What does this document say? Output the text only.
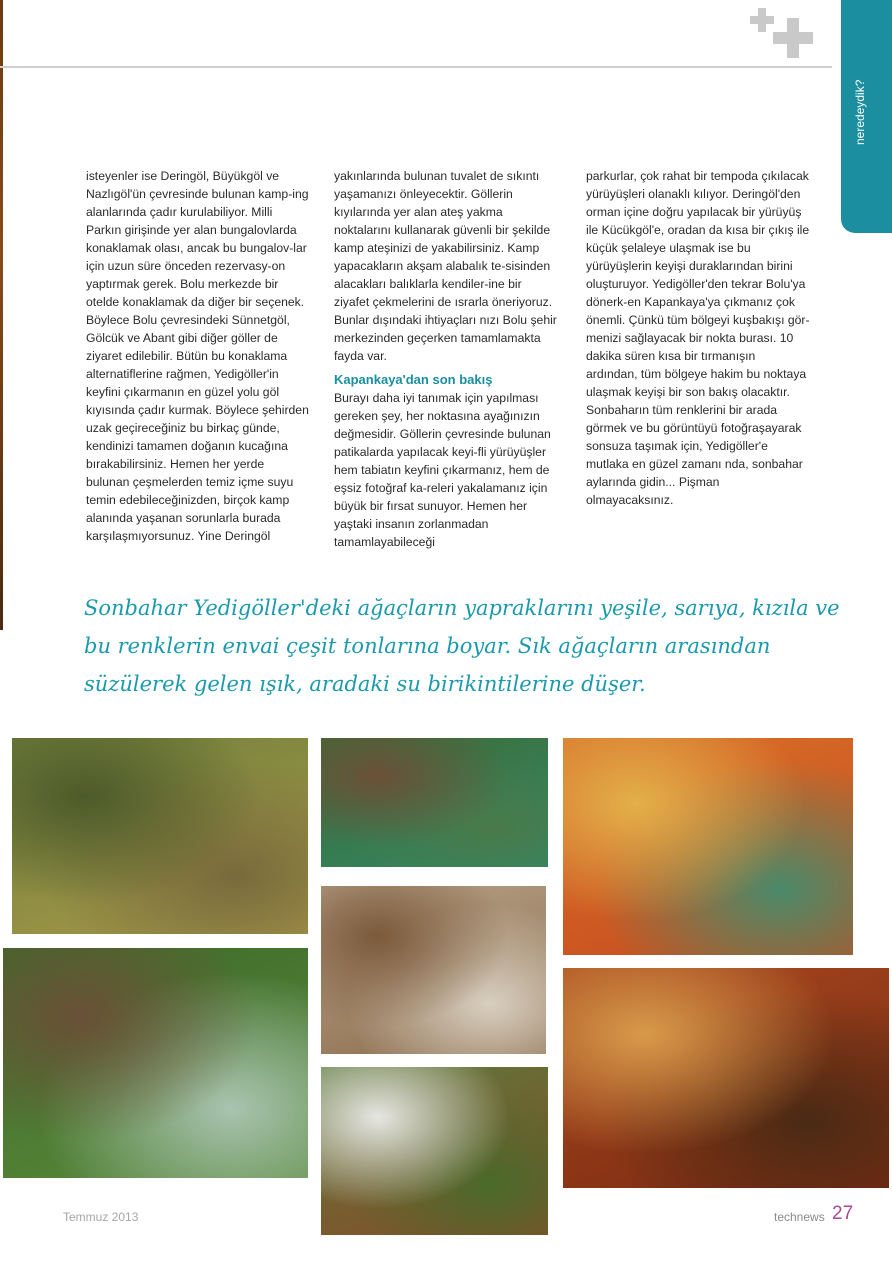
neredeydik?

isteyenler ise Deringöl, Büyükgöl ve Nazlıgöl'ün çevresinde bulunan kamp-ing alanlarında çadır kurulabiliyor. Milli Parkın girişinde yer alan bungalovlarda konaklamak olası, ancak bu bungalov-lar için uzun süre önceden rezervasy-on yaptırmak gerek. Bolu merkezde bir otelde konaklamak da diğer bir seçenek. Böylece Bolu çevresindeki Sünnetgöl, Gölcük ve Abant gibi diğer göller de ziyaret edilebilir. Bütün bu konaklama alternatiflerine rağmen, Yedigöller'in keyfini çıkarmanın en güzel yolu göl kıyısında çadır kurmak. Böylece şehirden uzak geçireceğiniz bu birkaç günde, kendinizi tamamen doğanın kucağına bırakabilirsiniz. Hemen her yerde bulunan çeşmelerden temiz içme suyu temin edebileceğinizden, birçok kamp alanında yaşanan sorunlarla burada karşılaşmıyorsunuz. Yine Deringöl

yakınlarında bulunan tuvalet de sıkıntı yaşamanızı önleyecektir. Göllerin kıyılarında yer alan ateş yakma noktalarını kullanarak güvenli bir şekilde kamp ateşinizi de yakabilirsiniz. Kamp yapacakların akşam alabalık te-sisinden alacakları balıklarla kendiler-ine bir ziyafet çekmelerini de ısrarla öneriyoruz. Bunlar dışındaki ihtiyaçları nızı Bolu şehir merkezinden geçerken tamamlamakta fayda var.

Kapankaya'dan son bakış

Burayı daha iyi tanımak için yapılması gereken şey, her noktasına ayağınızın değmesidir. Göllerin çevresinde bulunan patikalarda yapılacak keyi-fli yürüyüşler hem tabiatın keyfini çıkarmanız, hem de eşsiz fotoğraf ka-releri yakalamanız için büyük bir fırsat sunuyor. Hemen her yaştaki insanın zorlanmadan tamamlayabileceği

parkurlar, çok rahat bir tempoda çıkılacak yürüyüşleri olanaklı kılıyor. Deringöl'den orman içine doğru yapılacak bir yürüyüş ile Kücükgöl'e, oradan da kısa bir çıkış ile küçük şelaleye ulaşmak ise bu yürüyüşlerin keyişi duraklarından birini oluşturuyor. Yedigöller'den tekrar Bolu'ya dönerk-en Kapankaya'ya çıkmanız çok önemli. Çünkü tüm bölgeyi kuşbakışı gör-menizi sağlayacak bir nokta burası. 10 dakika süren kısa bir tırmanışın ardından, tüm bölgeye hakim bu noktaya ulaşmak keyişi bir son bakış olacaktır.

Sonbaharın tüm renklerini bir arada görmek ve bu görüntüyü fotoğraşayarak sonsuza taşımak için, Yedigöller'e mutlaka en güzel zamanı nda, sonbahar aylarında gidin... Pişman olmayacaksınız.

Sonbahar Yedigöller'deki ağaçların yapraklarını yeşile, sarıya, kızıla ve bu renklerin envai çeşit tonlarına boyar. Sık ağaçların arasından süzülerek gelen ışık, aradaki su birikintilerine düşer.
Temmuz 2013	technews 27
